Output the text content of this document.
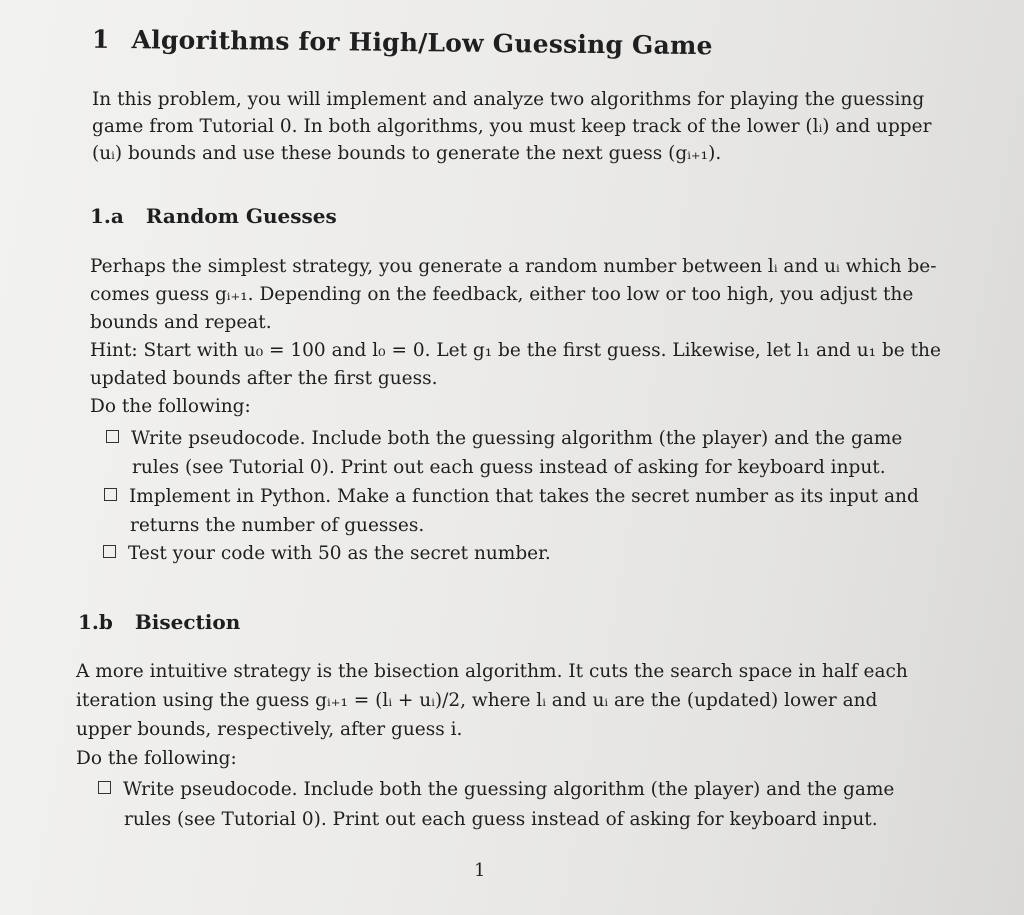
1 Algorithms for High/Low Guessing Game
In this problem, you will implement and analyze two algorithms for playing the guessing
game from Tutorial 0. In both algorithms, you must keep track of the lower (lᵢ) and upper
(uᵢ) bounds and use these bounds to generate the next guess (gᵢ₊₁).
1.a Random Guesses
Perhaps the simplest strategy, you generate a random number between lᵢ and uᵢ which be-
comes guess gᵢ₊₁. Depending on the feedback, either too low or too high, you adjust the
bounds and repeat.
Hint: Start with u₀ = 100 and l₀ = 0. Let g₁ be the first guess. Likewise, let l₁ and u₁ be the
updated bounds after the first guess.
Do the following:
Write pseudocode. Include both the guessing algorithm (the player) and the game
rules (see Tutorial 0). Print out each guess instead of asking for keyboard input.
Implement in Python. Make a function that takes the secret number as its input and
returns the number of guesses.
Test your code with 50 as the secret number.
1.b Bisection
A more intuitive strategy is the bisection algorithm. It cuts the search space in half each
iteration using the guess gᵢ₊₁ = (lᵢ + uᵢ)/2, where lᵢ and uᵢ are the (updated) lower and
upper bounds, respectively, after guess i.
Do the following:
Write pseudocode. Include both the guessing algorithm (the player) and the game
rules (see Tutorial 0). Print out each guess instead of asking for keyboard input.
1
